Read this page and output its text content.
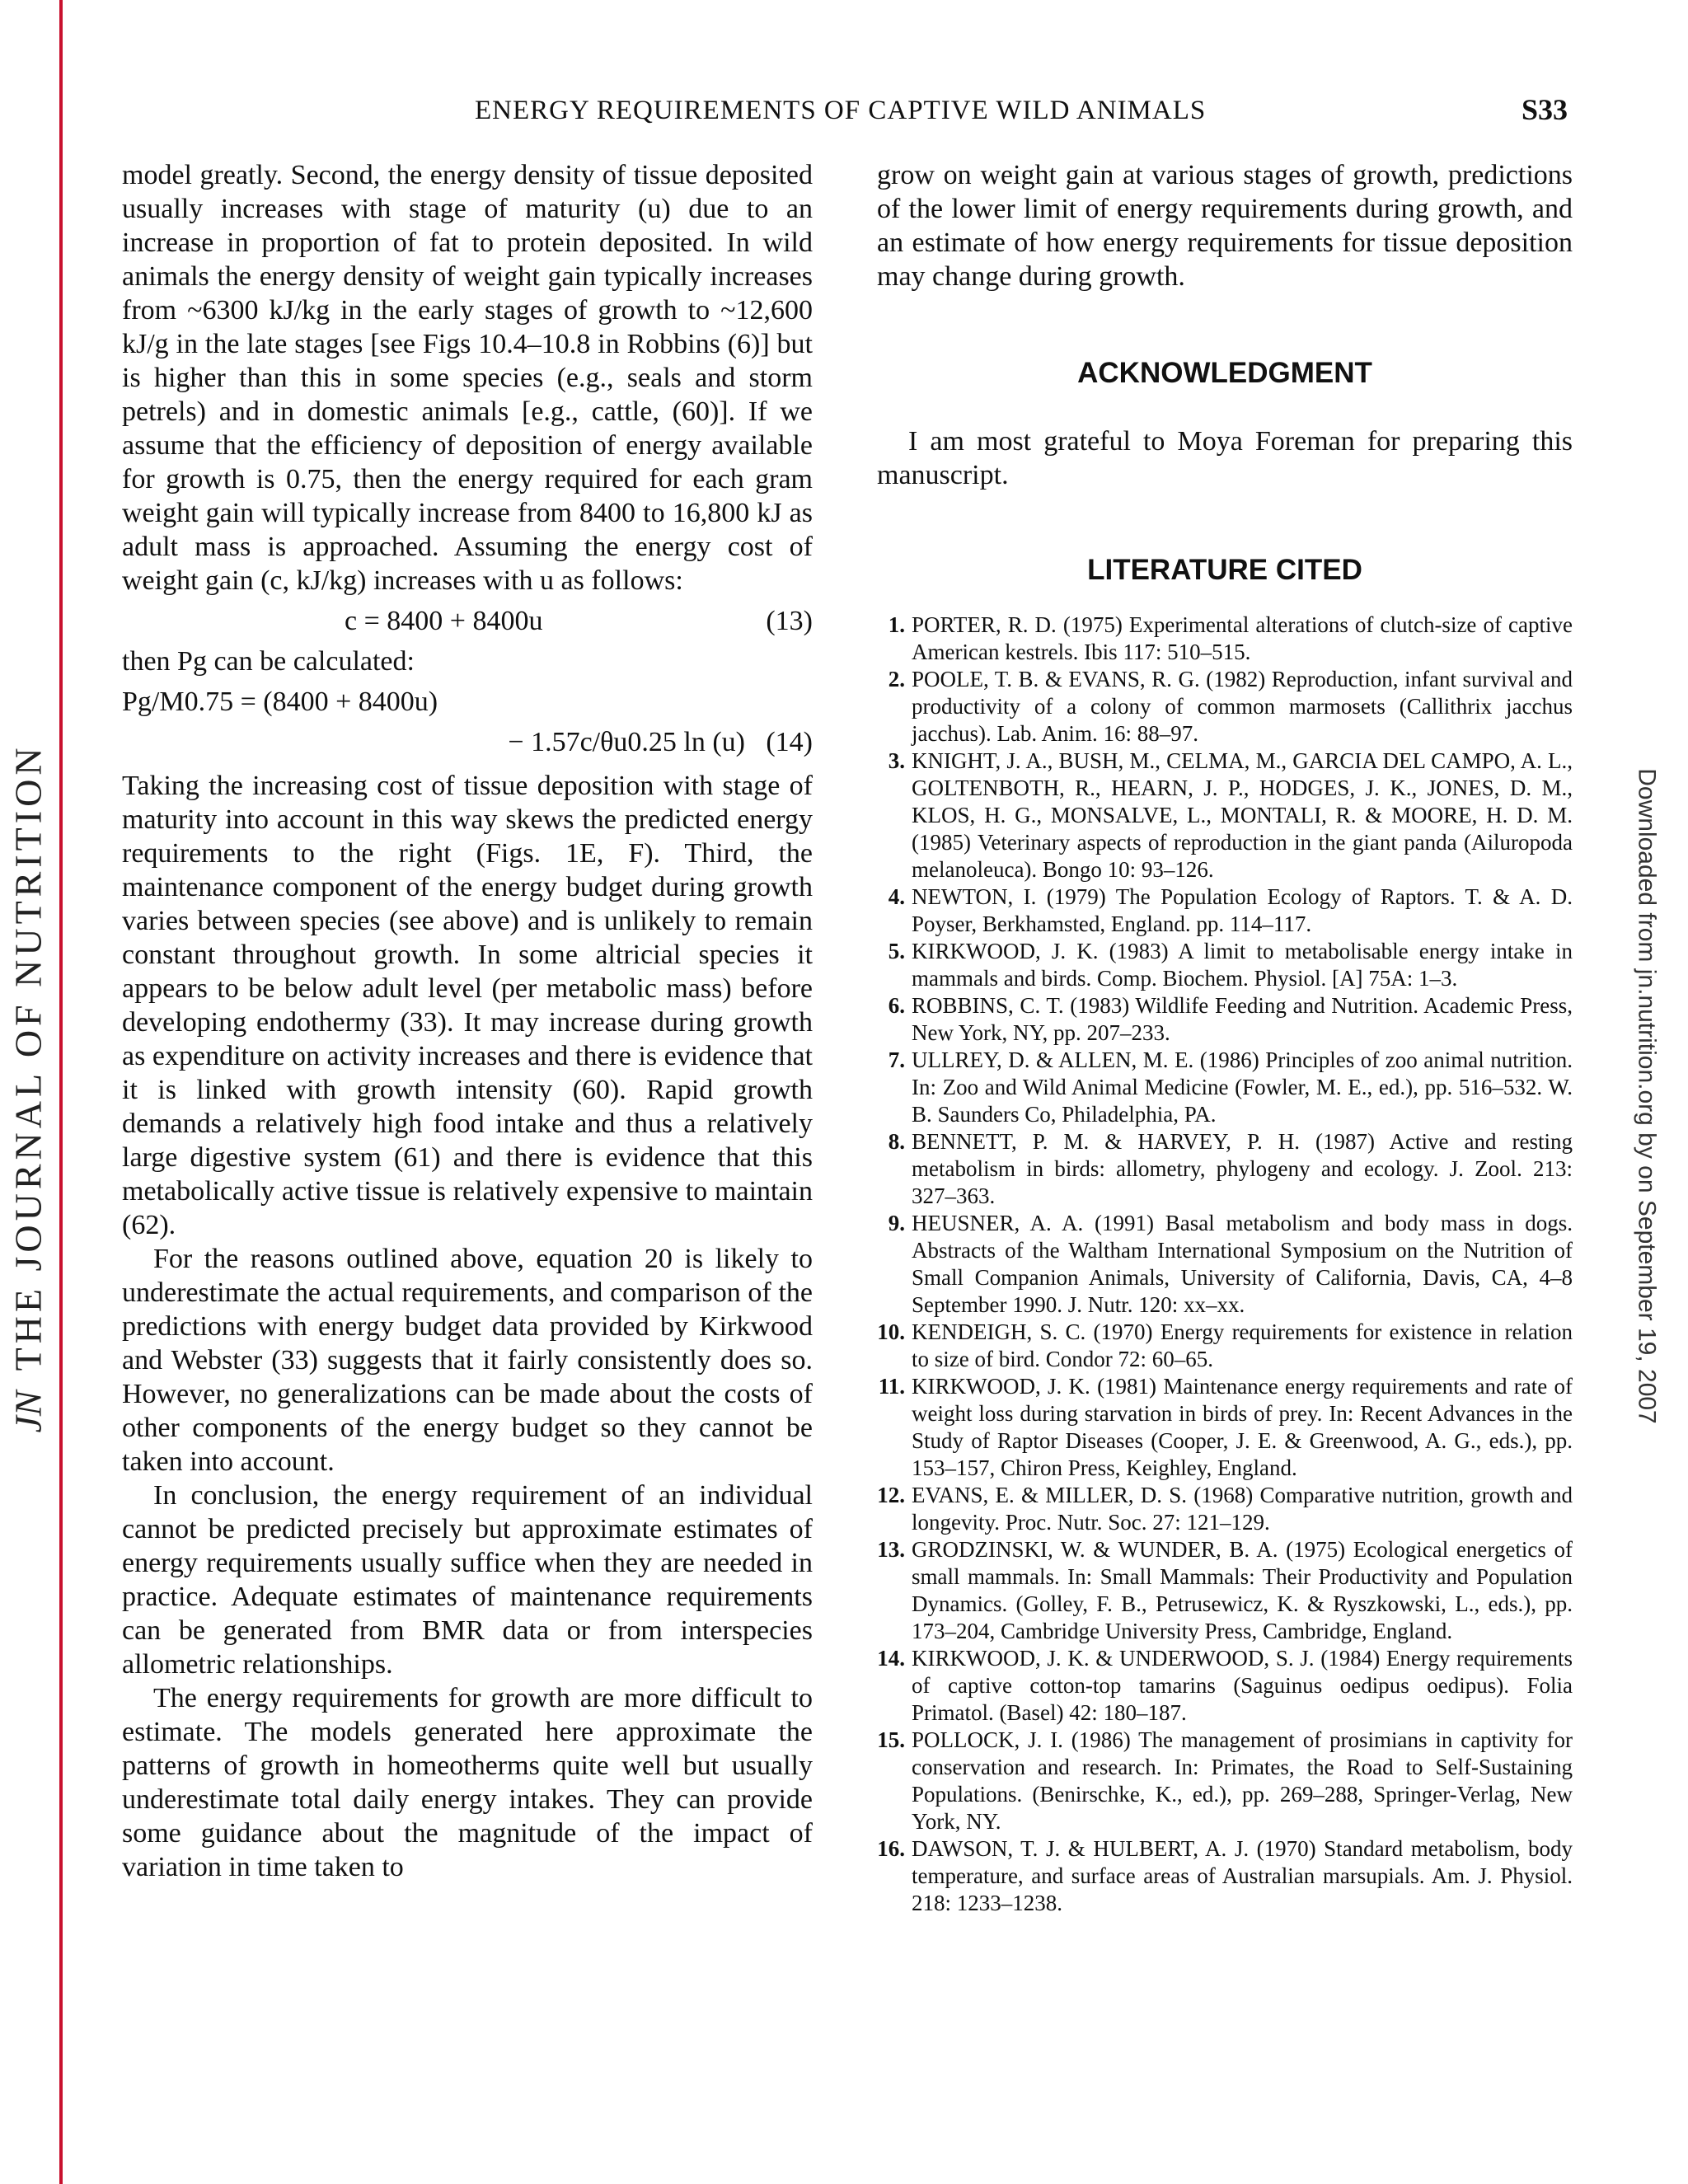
JNTHE JOURNAL OF NUTRITION	Downloaded from jn.nutrition.org by on September 19, 2007
ENERGY REQUIREMENTS OF CAPTIVE WILD ANIMALS	S33

model greatly. Second, the energy density of tissue deposited usually increases with stage of maturity (u) due to an increase in proportion of fat to protein deposited. In wild animals the energy density of weight gain typically increases from ~6300 kJ/kg in the early stages of growth to ~12,600 kJ/g in the late stages [see Figs 10.4–10.8 in Robbins (6)] but is higher than this in some species (e.g., seals and storm petrels) and in domestic animals [e.g., cattle, (60)]. If we assume that the efficiency of deposition of energy available for growth is 0.75, then the energy required for each gram weight gain will typically increase from 8400 to 16,800 kJ as adult mass is approached. Assuming the energy cost of weight gain (c, kJ/kg) increases with u as follows:

c = 8400 + 8400u	(13)

then Pg can be calculated:

Pg/M0.75 = (8400 + 8400u)
− 1.57c/θu0.25 ln (u) (14)

Taking the increasing cost of tissue deposition with stage of maturity into account in this way skews the predicted energy requirements to the right (Figs. 1E, F). Third, the maintenance component of the energy budget during growth varies between species (see above) and is unlikely to remain constant throughout growth. In some altricial species it appears to be below adult level (per metabolic mass) before developing endothermy (33). It may increase during growth as expenditure on activity increases and there is evidence that it is linked with growth intensity (60). Rapid growth demands a relatively high food intake and thus a relatively large digestive system (61) and there is evidence that this metabolically active tissue is relatively expensive to maintain (62).

For the reasons outlined above, equation 20 is likely to underestimate the actual requirements, and comparison of the predictions with energy budget data provided by Kirkwood and Webster (33) suggests that it fairly consistently does so. However, no generalizations can be made about the costs of other components of the energy budget so they cannot be taken into account.

In conclusion, the energy requirement of an individual cannot be predicted precisely but approximate estimates of energy requirements usually suffice when they are needed in practice. Adequate estimates of maintenance requirements can be generated from BMR data or from interspecies allometric relationships.

The energy requirements for growth are more difficult to estimate. The models generated here approximate the patterns of growth in homeotherms quite well but usually underestimate total daily energy intakes. They can provide some guidance about the magnitude of the impact of variation in time taken to

grow on weight gain at various stages of growth, predictions of the lower limit of energy requirements during growth, and an estimate of how energy requirements for tissue deposition may change during growth.

ACKNOWLEDGMENT

I am most grateful to Moya Foreman for preparing this manuscript.

LITERATURE CITED
1. PORTER, R. D. (1975) Experimental alterations of clutch-size of captive American kestrels. Ibis 117: 510–515.
2. POOLE, T. B. & EVANS, R. G. (1982) Reproduction, infant survival and productivity of a colony of common marmosets (Callithrix jacchus jacchus). Lab. Anim. 16: 88–97.
3. KNIGHT, J. A., BUSH, M., CELMA, M., GARCIA DEL CAMPO, A. L., GOLTENBOTH, R., HEARN, J. P., HODGES, J. K., JONES, D. M., KLOS, H. G., MONSALVE, L., MONTALI, R. & MOORE, H. D. M. (1985) Veterinary aspects of reproduction in the giant panda (Ailuropoda melanoleuca). Bongo 10: 93–126.
4. NEWTON, I. (1979) The Population Ecology of Raptors. T. & A. D. Poyser, Berkhamsted, England. pp. 114–117.
5. KIRKWOOD, J. K. (1983) A limit to metabolisable energy intake in mammals and birds. Comp. Biochem. Physiol. [A] 75A: 1–3.
6. ROBBINS, C. T. (1983) Wildlife Feeding and Nutrition. Academic Press, New York, NY, pp. 207–233.
7. ULLREY, D. & ALLEN, M. E. (1986) Principles of zoo animal nutrition. In: Zoo and Wild Animal Medicine (Fowler, M. E., ed.), pp. 516–532. W. B. Saunders Co, Philadelphia, PA.
8. BENNETT, P. M. & HARVEY, P. H. (1987) Active and resting metabolism in birds: allometry, phylogeny and ecology. J. Zool. 213: 327–363.
9. HEUSNER, A. A. (1991) Basal metabolism and body mass in dogs. Abstracts of the Waltham International Symposium on the Nutrition of Small Companion Animals, University of California, Davis, CA, 4–8 September 1990. J. Nutr. 120: xx–xx.
10. KENDEIGH, S. C. (1970) Energy requirements for existence in relation to size of bird. Condor 72: 60–65.
11. KIRKWOOD, J. K. (1981) Maintenance energy requirements and rate of weight loss during starvation in birds of prey. In: Recent Advances in the Study of Raptor Diseases (Cooper, J. E. & Greenwood, A. G., eds.), pp. 153–157, Chiron Press, Keighley, England.
12. EVANS, E. & MILLER, D. S. (1968) Comparative nutrition, growth and longevity. Proc. Nutr. Soc. 27: 121–129.
13. GRODZINSKI, W. & WUNDER, B. A. (1975) Ecological energetics of small mammals. In: Small Mammals: Their Productivity and Population Dynamics. (Golley, F. B., Petrusewicz, K. & Ryszkowski, L., eds.), pp. 173–204, Cambridge University Press, Cambridge, England.
14. KIRKWOOD, J. K. & UNDERWOOD, S. J. (1984) Energy requirements of captive cotton-top tamarins (Saguinus oedipus oedipus). Folia Primatol. (Basel) 42: 180–187.
15. POLLOCK, J. I. (1986) The management of prosimians in captivity for conservation and research. In: Primates, the Road to Self-Sustaining Populations. (Benirschke, K., ed.), pp. 269–288, Springer-Verlag, New York, NY.
16. DAWSON, T. J. & HULBERT, A. J. (1970) Standard metabolism, body temperature, and surface areas of Australian marsupials. Am. J. Physiol. 218: 1233–1238.
